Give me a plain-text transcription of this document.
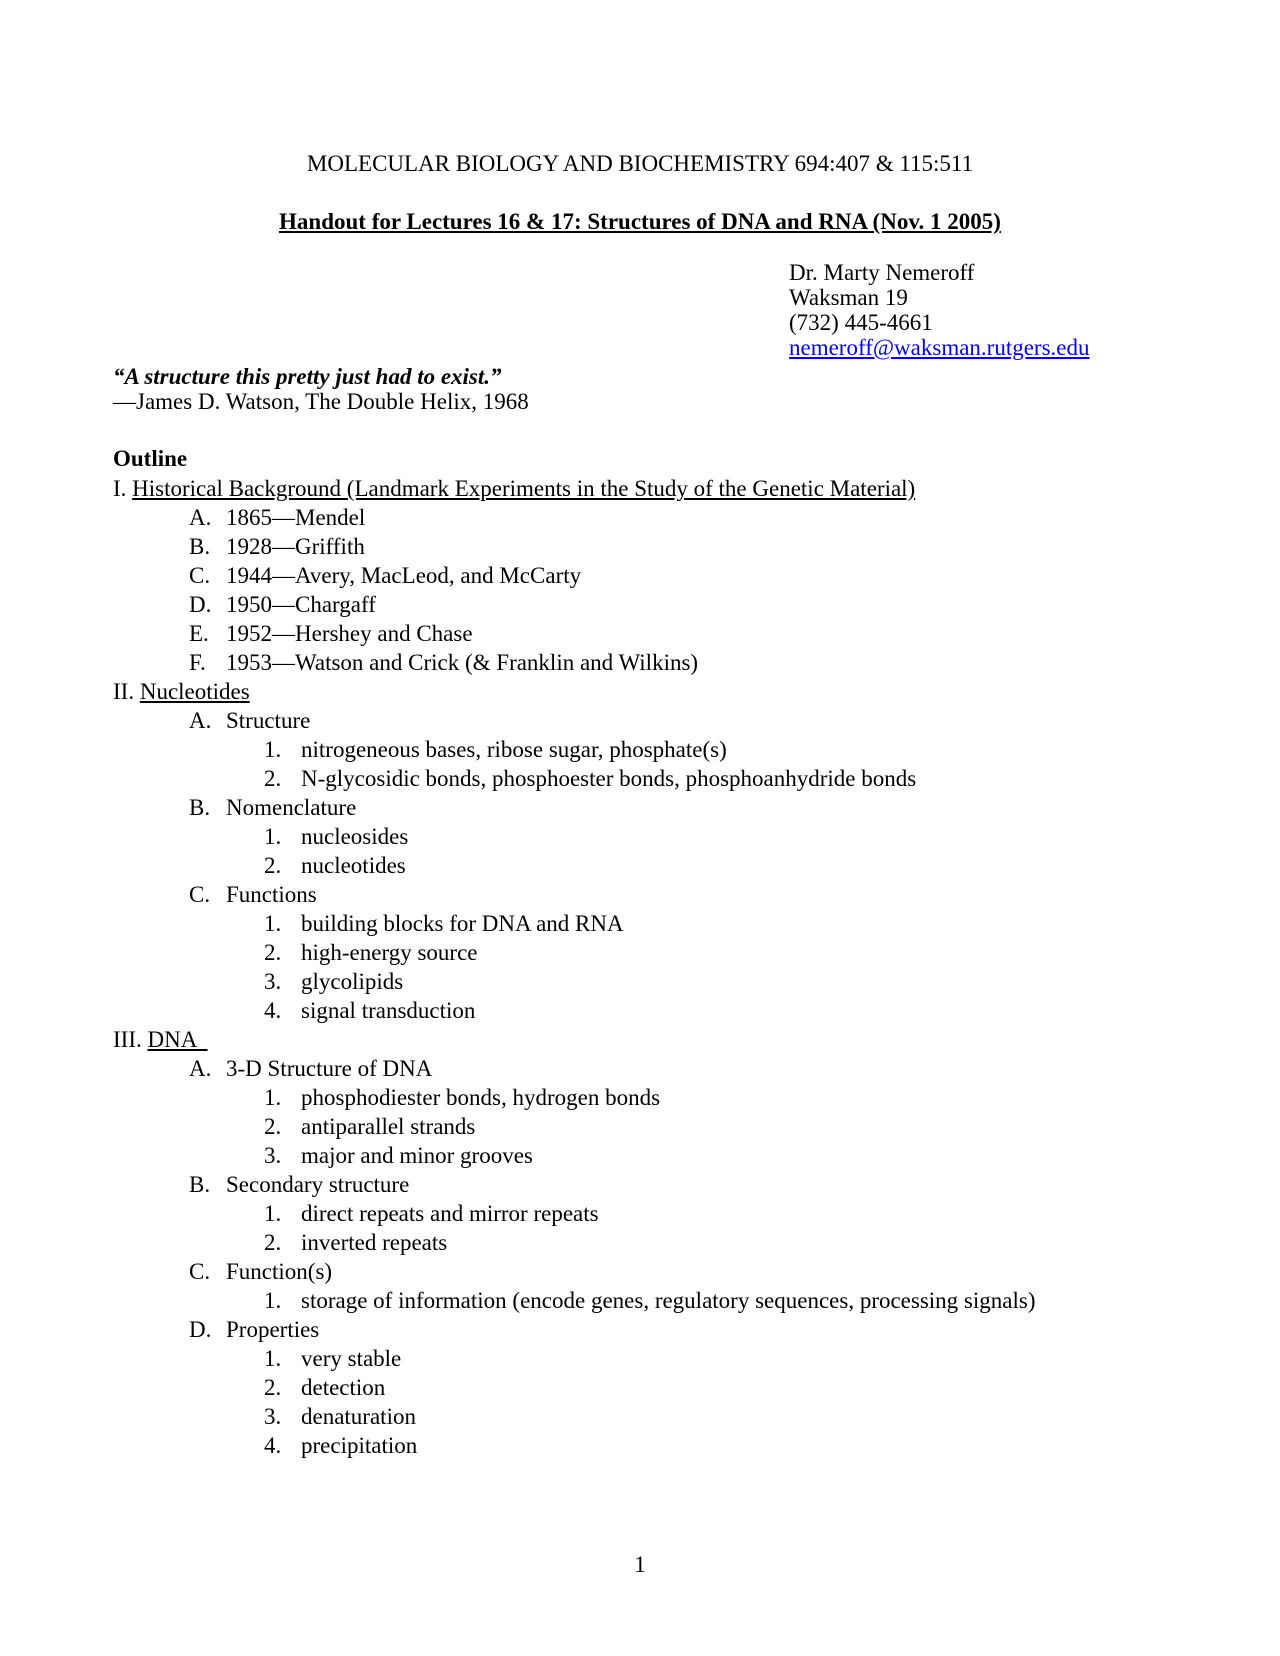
MOLECULAR BIOLOGY AND BIOCHEMISTRY 694:407 & 115:511
Handout for Lectures 16 & 17: Structures of DNA and RNA (Nov. 1 2005)
Dr. Marty Nemeroff
Waksman 19
(732) 445-4661
nemeroff@waksman.rutgers.edu
“A structure this pretty just had to exist.”
—James D. Watson, The Double Helix, 1968
Outline
I. Historical Background (Landmark Experiments in the Study of the Genetic Material)
A. 1865—Mendel
B. 1928—Griffith
C. 1944—Avery, MacLeod, and McCarty
D. 1950—Chargaff
E. 1952—Hershey and Chase
F. 1953—Watson and Crick (& Franklin and Wilkins)
II. Nucleotides
A. Structure
1. nitrogeneous bases, ribose sugar, phosphate(s)
2. N-glycosidic bonds, phosphoester bonds, phosphoanhydride bonds
B. Nomenclature
1. nucleosides
2. nucleotides
C. Functions
1. building blocks for DNA and RNA
2. high-energy source
3. glycolipids
4. signal transduction
III. DNA
A. 3-D Structure of DNA
1. phosphodiester bonds, hydrogen bonds
2. antiparallel strands
3. major and minor grooves
B. Secondary structure
1. direct repeats and mirror repeats
2. inverted repeats
C. Function(s)
1. storage of information (encode genes, regulatory sequences, processing signals)
D. Properties
1. very stable
2. detection
3. denaturation
4. precipitation
1
